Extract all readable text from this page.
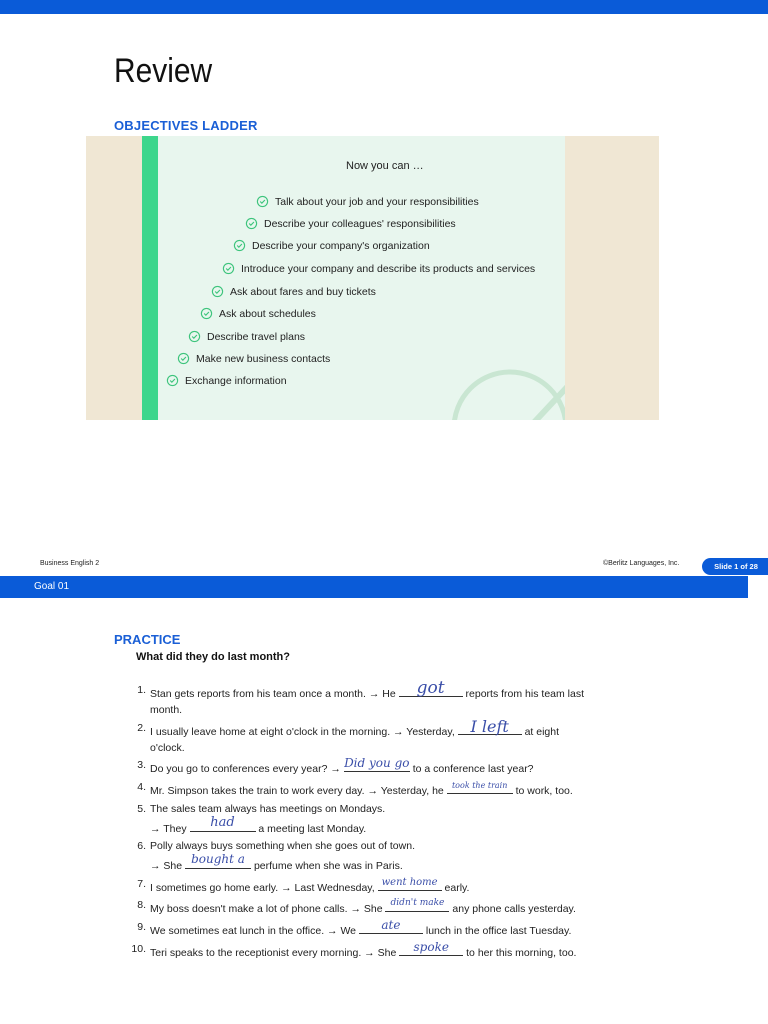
Review
OBJECTIVES LADDER
Now you can …
Talk about your job and your responsibilities
Describe your colleagues' responsibilities
Describe your company's organization
Introduce your company and describe its products and services
Ask about fares and buy tickets
Ask about schedules
Describe travel plans
Make new business contacts
Exchange information
Business English 2	©Berlitz Languages, Inc.	Slide 1 of 28
Goal 01
PRACTICE
What did they do last month?
1. Stan gets reports from his team once a month. → He	got	reports from his team last
month.
2. I usually leave home at eight o'clock in the morning. → Yesterday, I left	at eight
o'clock.
3. Do you go to conferences every year? → Did you go to a conference last year?
4. Mr. Simpson takes the train to work every day. → Yesterday, he	took the train to work, too.
5. The sales team always has meetings on Mondays.
→ They	had	a meeting last Monday.
6. Polly always buys something when she goes out of town.
→ She bought a perfume when she was in Paris.
7. I sometimes go home early. → Last Wednesday, went home early.
8. My boss doesn't make a lot of phone calls. → She
didn't make
any phone calls yesterday.
9. We sometimes eat lunch in the office. → We	ate	lunch in the office last Tuesday.
10. Teri speaks to the receptionist every morning. → She	spoke	to her this morning, too.
